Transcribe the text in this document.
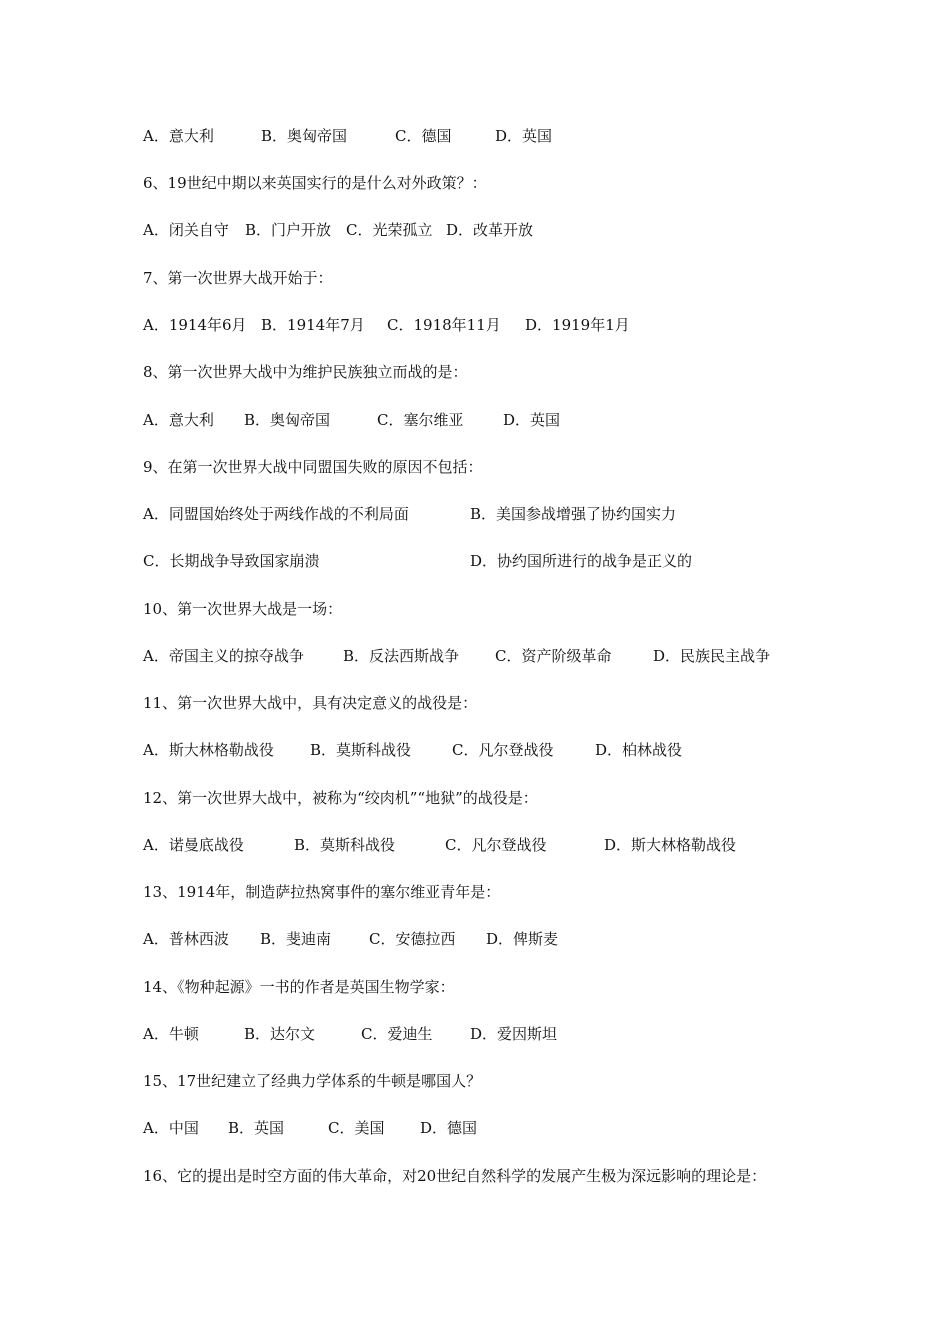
A．意大利	B．奥匈帝国	C．德国	D．英国
6、19世纪中期以来英国实行的是什么对外政策？：
A．闭关自守 B．门户开放 C．光荣孤立 D．改革开放
7、第一次世界大战开始于：
A．1914年6月 B．1914年7月 C．1918年11月 D．1919年1月
8、第一次世界大战中为维护民族独立而战的是：
A．意大利 B．奥匈帝国	C．塞尔维亚	D．英国
9、在第一次世界大战中同盟国失败的原因不包括：
A．同盟国始终处于两线作战的不利局面	B．美国参战增强了协约国实力
C．长期战争导致国家崩溃	D．协约国所进行的战争是正义的
10、第一次世界大战是一场：
A．帝国主义的掠夺战争	B．反法西斯战争 C．资产阶级革命	D．民族民主战争
11、第一次世界大战中，具有决定意义的战役是：
A．斯大林格勒战役 B．莫斯科战役	C．凡尔登战役	D．柏林战役
12、第一次世界大战中，被称为“绞肉机”“地狱”的战役是：
A．诺曼底战役	B．莫斯科战役	C．凡尔登战役	D．斯大林格勒战役
13、1914年，制造萨拉热窝事件的塞尔维亚青年是：
A．普林西波 B．斐迪南	C．安德拉西 D．俾斯麦
14、《物种起源》一书的作者是英国生物学家：
A．牛顿	B．达尔文	C．爱迪生	D．爱因斯坦
15、17世纪建立了经典力学体系的牛顿是哪国人？
A．中国 B．英国	C．美国 D．德国
16、它的提出是时空方面的伟大革命，对20世纪自然科学的发展产生极为深远影响的理论是：
